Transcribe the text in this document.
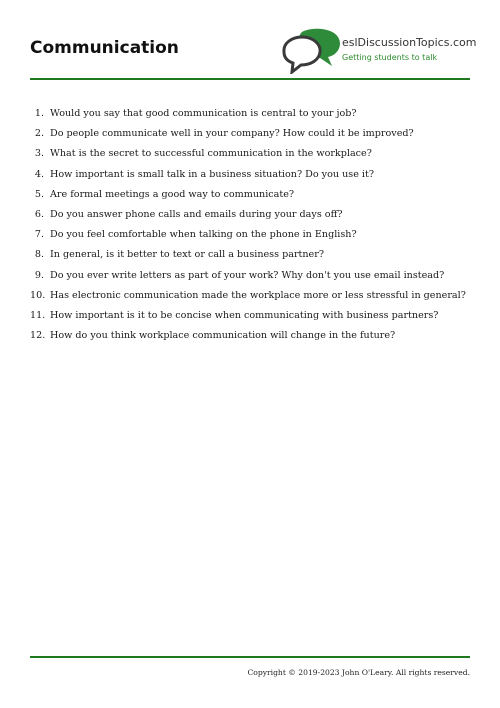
Communication	eslDiscussionTopics.com
Getting students to talk
1. Would you say that good communication is central to your job?
2. Do people communicate well in your company? How could it be improved?
3. What is the secret to successful communication in the workplace?
4. How important is small talk in a business situation? Do you use it?
5. Are formal meetings a good way to communicate?
6. Do you answer phone calls and emails during your days off?
7. Do you feel comfortable when talking on the phone in English?
8. In general, is it better to text or call a business partner?
9. Do you ever write letters as part of your work? Why don't you use email instead?
10. Has electronic communication made the workplace more or less stressful in general?
11. How important is it to be concise when communicating with business partners?
12. How do you think workplace communication will change in the future?
Copyright © 2019-2023 John O'Leary. All rights reserved.
